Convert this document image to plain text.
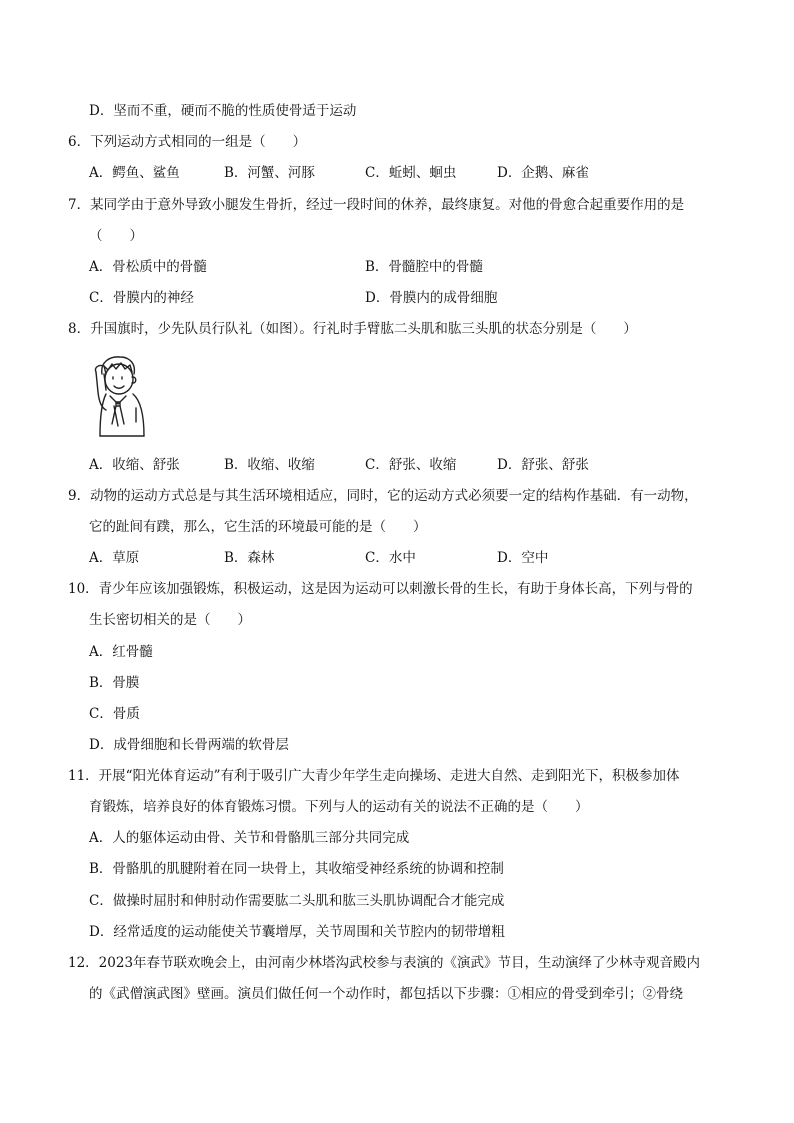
D．坚而不重，硬而不脆的性质使骨适于运动
6．下列运动方式相同的一组是（　　）
A．鳄鱼、鲨鱼	B．河蟹、河豚	C．蚯蚓、蛔虫	D．企鹅、麻雀
7．某同学由于意外导致小腿发生骨折，经过一段时间的休养，最终康复。对他的骨愈合起重要作用的是
（　　）
A．骨松质中的骨髓	B．骨髓腔中的骨髓
C．骨膜内的神经	D．骨膜内的成骨细胞
8．升国旗时，少先队员行队礼（如图）。行礼时手臂肱二头肌和肱三头肌的状态分别是（　　）
A．收缩、舒张	B．收缩、收缩	C．舒张、收缩	D．舒张、舒张
9．动物的运动方式总是与其生活环境相适应，同时，它的运动方式必须要一定的结构作基础．有一动物，
它的趾间有蹼，那么，它生活的环境最可能的是（　　）
A．草原	B．森林	C．水中	D．空中
10．青少年应该加强锻炼，积极运动，这是因为运动可以刺激长骨的生长，有助于身体长高，下列与骨的
生长密切相关的是（　　）
A．红骨髓
B．骨膜
C．骨质
D．成骨细胞和长骨两端的软骨层
11．开展“阳光体育运动”有利于吸引广大青少年学生走向操场、走进大自然、走到阳光下，积极参加体
育锻炼，培养良好的体育锻炼习惯。下列与人的运动有关的说法不正确的是（　　）
A．人的躯体运动由骨、关节和骨骼肌三部分共同完成
B．骨骼肌的肌腱附着在同一块骨上，其收缩受神经系统的协调和控制
C．做操时屈肘和伸肘动作需要肱二头肌和肱三头肌协调配合才能完成
D．经常适度的运动能使关节囊增厚，关节周围和关节腔内的韧带增粗
12．2023年春节联欢晚会上，由河南少林塔沟武校参与表演的《演武》节目，生动演绎了少林寺观音殿内
的《武僧演武图》壁画。演员们做任何一个动作时，都包括以下步骤：①相应的骨受到牵引；②骨绕
